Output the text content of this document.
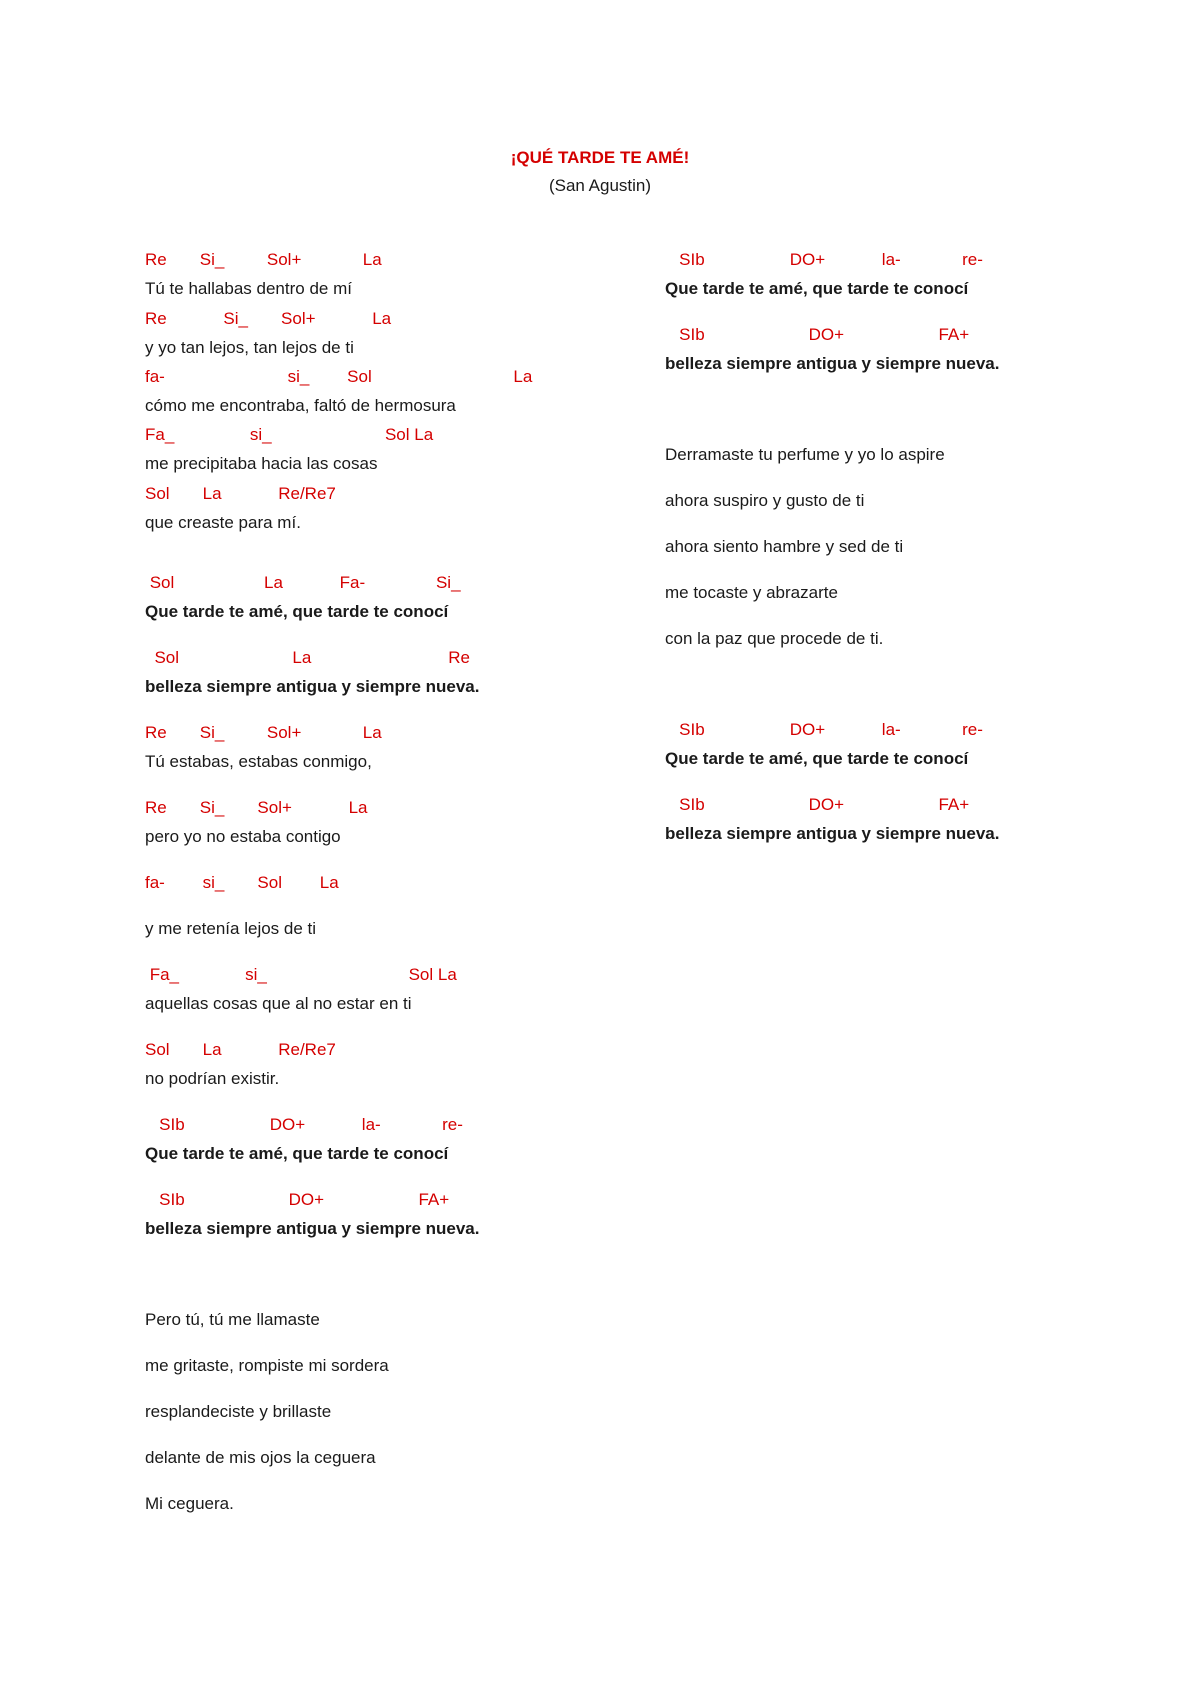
¡QUÉ TARDE TE AMÉ!
(San Agustin)
Re       Si_         Sol+             La
Tú te hallabas dentro de mí
Re            Si_       Sol+            La
y yo tan lejos, tan lejos de ti
fa-                          si_        Sol                              La
cómo me encontraba, faltó de hermosura
Fa_                si_                        Sol La
me precipitaba hacia las cosas
Sol       La            Re/Re7
que creaste para mí.
Sol                   La            Fa-               Si_
Que tarde te amé, que tarde te conocí
Sol                        La                             Re
belleza siempre antigua y siempre nueva.
Re       Si_         Sol+             La
Tú estabas, estabas conmigo,
Re       Si_       Sol+            La
pero yo no estaba contigo
fa-        si_       Sol        La
y me retenía lejos de ti
Fa_              si_                              Sol La
aquellas cosas que al no estar en ti
Sol       La            Re/Re7
no podrían existir.
SIb                  DO+            la-             re-
Que tarde te amé, que tarde te conocí
SIb                      DO+                    FA+
belleza siempre antigua y siempre nueva.
Pero tú, tú me llamaste
me gritaste, rompiste mi sordera
resplandeciste y brillaste
delante de mis ojos la ceguera
Mi ceguera.
SIb                  DO+            la-             re-
Que tarde te amé, que tarde te conocí
SIb                      DO+                    FA+
belleza siempre antigua y siempre nueva.
Derramaste tu perfume y yo lo aspire
ahora suspiro y gusto de ti
ahora siento hambre y sed de ti
me tocaste y abrazarte
con la paz que procede de ti.
SIb                  DO+            la-             re-
Que tarde te amé, que tarde te conocí
SIb                      DO+                    FA+
belleza siempre antigua y siempre nueva.
